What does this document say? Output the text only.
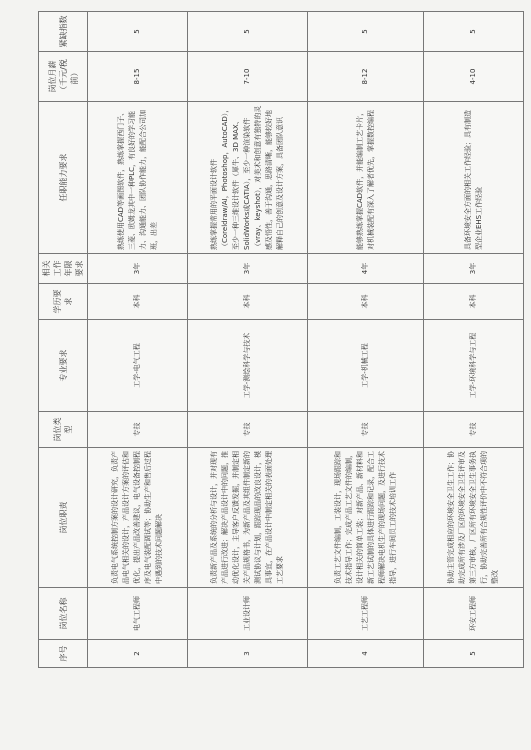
序号	岗位名称	岗位职责	岗位类型	专业要求	学历要求	相关工作年限要求	任职能力要求	岗位月薪（千元/税前）	紧缺指数
2	电气工程师	负责电气系统控制方案的设计研究，负责产品电气相关的设计，产品设计方案的评估和优化，提出产品改善建议，电气设备控制程序及电气装配调试等；协助生产和售后过程中遇到的技术问题解决	专技	工学-电气工程	本科	3年	熟练使用CAD等画图软件，熟练掌握西门子、三菱、欧姆龙其中一种PLC，有良好的学习能力、沟通能力、团队协作能力，能配合公司加班，出差	8-15	5
3	工业设计师	负责新产品及系统的分析与设计，并对现有产品进行改进；解决产品设计中的问题，推动优化设计，主导客户反馈发掘，并制定相关产品规格书，为新产品及其组件制定新的测试协议与计划，跟踪现品的改良设计，模具事宜，在产品设计中制定相关的表面处理工艺要求	专技	工学-测绘科学与技术	本科	3年	熟练掌握常用的平面设计软件（Coreldraw/AI，Photoshop，AutoCAD），至少一种三维设计软件（犀牛、3D MAX、SolidWorks或CATIA），至少一种渲染软件（vray、keyshot），对美术和创意有独特的灵感及悟性，善于沟通，思路清晰，能够较好地解释自己的创意及设计方案，具备团队意识	7-10	5
4	工艺工程师	负责工艺文件编制，工装设计，现场跟踪和技术指导工作；完成产品工艺文件的编制，设计相关的简单工装；对新产品、新材料和新工艺试制的具体进行跟踪和记录，配合工程师解决电机生产的现场问题，及进行技术指导，进行车间员工的技术培训工作	专技	工学-机械工程	本科	4年	能够熟练掌握CAD软件，并能编制工艺卡片，对机械装配有深入了解者优先，掌握数控编程	8-12	5
5	环安工程师	协助主管完成相应的环境安全卫生工作；协助完成所有涉及厂区的环境安全卫生评审及第三方审核，厂区所有环境安全卫生事务执行，协助完善所有合规性评价中不符合项的整改	专技	工学-环境科学与工程	本科	3年	具备环境安全方面的相关工作经验；具有制造型企业EHS工作经验	4-10	5
